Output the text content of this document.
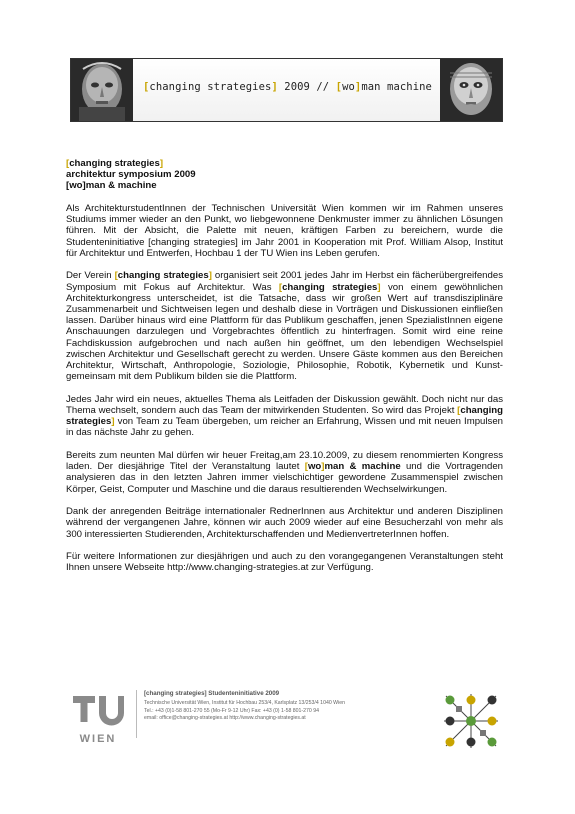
[changing strategies] 2009 // [wo]man machine
[changing strategies]
architektur symposium 2009
[wo]man & machine

Als ArchitekturstudentInnen der Technischen Universität Wien kommen wir im Rahmen unseres Studiums immer wieder an den Punkt, wo liebgewonnene Denkmuster immer zu ähnlichen Lösungen führen. Mit der Absicht, die Palette mit neuen, kräftigen Farben zu bereichern, wurde die Studenteninitiative [changing strategies] im Jahr 2001 in Kooperation mit Prof. William Alsop, Institut für Architektur und Entwerfen, Hochbau 1 der TU Wien ins Leben gerufen.

Der Verein [changing strategies] organisiert seit 2001 jedes Jahr im Herbst ein fächerübergreifendes Symposium mit Fokus auf Architektur. Was [changing strategies] von einem gewöhnlichen Architekturkongress unterscheidet, ist die Tatsache, dass wir großen Wert auf transdisziplinäre Zusammenarbeit und Sichtweisen legen und deshalb diese in Vorträgen und Diskussionen einfließen lassen. Darüber hinaus wird eine Plattform für das Publikum geschaffen, jenen SpezialistInnen eigene Anschauungen darzulegen und Vorgebrachtes öffentlich zu hinterfragen. Somit wird eine reine Fachdiskussion aufgebrochen und nach außen hin geöffnet, um den lebendigen Wechselspiel zwischen Architektur und Gesellschaft gerecht zu werden. Unsere Gäste kommen aus den Bereichen Architektur, Wirtschaft, Anthropologie, Soziologie, Philosophie, Robotik, Kybernetik und Kunst- gemeinsam mit dem Publikum bilden sie die Plattform.

Jedes Jahr wird ein neues, aktuelles Thema als Leitfaden der Diskussion gewählt. Doch nicht nur das Thema wechselt, sondern auch das Team der mitwirkenden Studenten. So wird das Projekt [changing strategies] von Team zu Team übergeben, um reicher an Erfahrung, Wissen und mit neuen Impulsen in das nächste Jahr zu gehen.

Bereits zum neunten Mal dürfen wir heuer Freitag,am 23.10.2009, zu diesem renommierten Kongress laden. Der diesjährige Titel der Veranstaltung lautet [wo]man & machine und die Vortragenden analysieren das in den letzten Jahren immer vielschichtiger gewordene Zusammenspiel zwischen Körper, Geist, Computer und Maschine und die daraus resultierenden Wechselwirkungen.

Dank der anregenden Beiträge internationaler RednerInnen aus Architektur und anderen Disziplinen während der vergangenen Jahre, können wir auch 2009 wieder auf eine Besucherzahl von mehr als 300 interessierten Studierenden, Architekturschaffenden und MedienvertreterInnen hoffen.

Für weitere Informationen zur diesjährigen und auch zu den vorangegangenen Veranstaltungen steht Ihnen unsere Webseite http://www.changing-strategies.at zur Verfügung.

WIEN
[changing strategies] Studenteninitiative 2009
Technische Universität Wien, Institut für Hochbau 253/4, Karlsplatz 13/253/4 1040 Wien
Tel.: +43 (0)1-58 801-270 55 (Mo-Fr 9-12 Uhr) Fax: +43 (0) 1-58 801-270 94
email: office@changing-strategies.at http://www.changing-strategies.at
